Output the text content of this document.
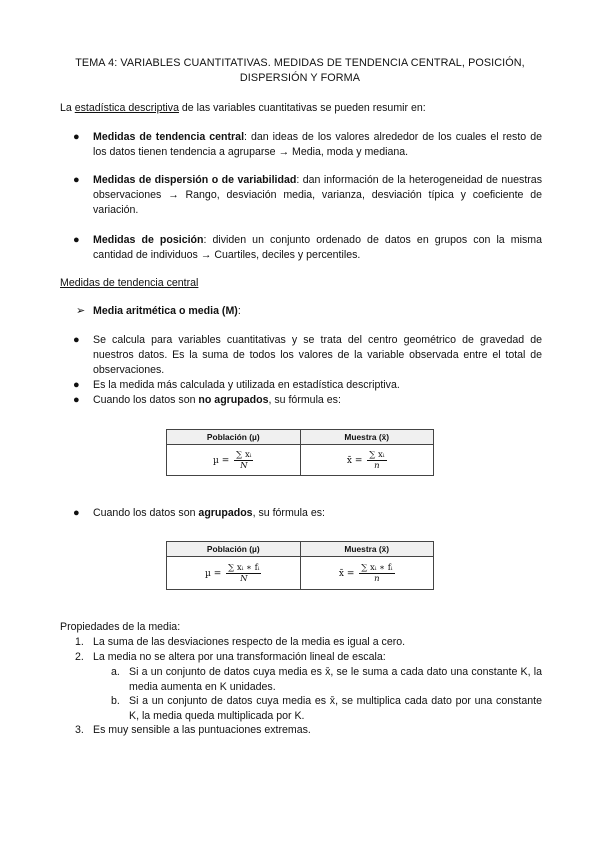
TEMA 4: VARIABLES CUANTITATIVAS. MEDIDAS DE TENDENCIA CENTRAL, POSICIÓN,
DISPERSIÓN Y FORMA
La estadística descriptiva de las variables cuantitativas se pueden resumir en:
● Medidas de tendencia central: dan ideas de los valores alrededor de los cuales el resto de los datos tienen tendencia a agruparse → Media, moda y mediana.
● Medidas de dispersión o de variabilidad: dan información de la heterogeneidad de nuestras observaciones → Rango, desviación media, varianza, desviación típica y coeficiente de variación.
● Medidas de posición: dividen un conjunto ordenado de datos en grupos con la misma cantidad de individuos → Cuartiles, deciles y percentiles.
Medidas de tendencia central
➢ Media aritmética o media (M):
● Se calcula para variables cuantitativas y se trata del centro geométrico de gravedad de nuestros datos. Es la suma de todos los valores de la variable observada entre el total de observaciones.
● Es la medida más calculada y utilizada en estadística descriptiva.
● Cuando los datos son no agrupados, su fórmula es:
Población (µ)	Muestra (x̄)
$\mu = \frac{\text{∑ xᵢ}}{N}$	x̄ = $\frac{\text{∑ xᵢ}}{n}$
● Cuando los datos son agrupados, su fórmula es:
Población (µ)	Muestra (x̄)
$\mu = \frac{\text{∑ xᵢ ∗ fᵢ}}{N}$	x̄ = $\frac{\text{∑ xᵢ ∗ fᵢ}}{n}$
Propiedades de la media:
1. La suma de las desviaciones respecto de la media es igual a cero.
2. La media no se altera por una transformación lineal de escala:
a. Si a un conjunto de datos cuya media es x̄, se le suma a cada dato una constante K, la media aumenta en K unidades.
b. Si a un conjunto de datos cuya media es x̄, se multiplica cada dato por una constante K, la media queda multiplicada por K.
3. Es muy sensible a las puntuaciones extremas.
